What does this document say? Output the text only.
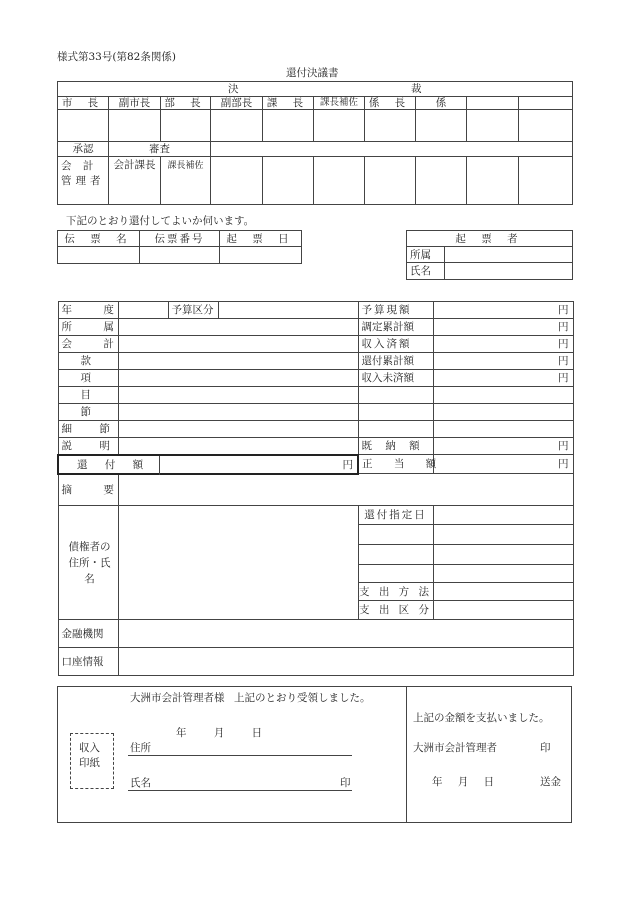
様式第33号(第82条関係)
還付決議書
決 裁									

市 長	副市長	部 長	副部長	課 長	課長補佐	係 長	係		

承認	審査								
会 計
管理者	会計課長	課長補佐							
下記のとおり還付してよいか伺います。
伝 票 名	伝票番号	起 票 日
			起 票 者	
所属	
氏名	
年 度		予算区分		予算現額	円
所 属				調定累計額	円
会 計				収入済額	円
款				還付累計額	円
項				収入未済額	円
目					
節					
細 節					
説 明				既 納 額	円

還 付 額 円				正 当 額	円
摘 要					
債権者の
住所・氏
名				還付指定日	

				支 出 方 法	
				支 出 区 分	
金融機関					
口座情報					
大洲市会計管理者様 上記のとおり受領しました。
年 月 日
収入
印紙
住所
氏名	印
上記の金額を支払いました。
大洲市会計管理者	印
年 月 日	送金
